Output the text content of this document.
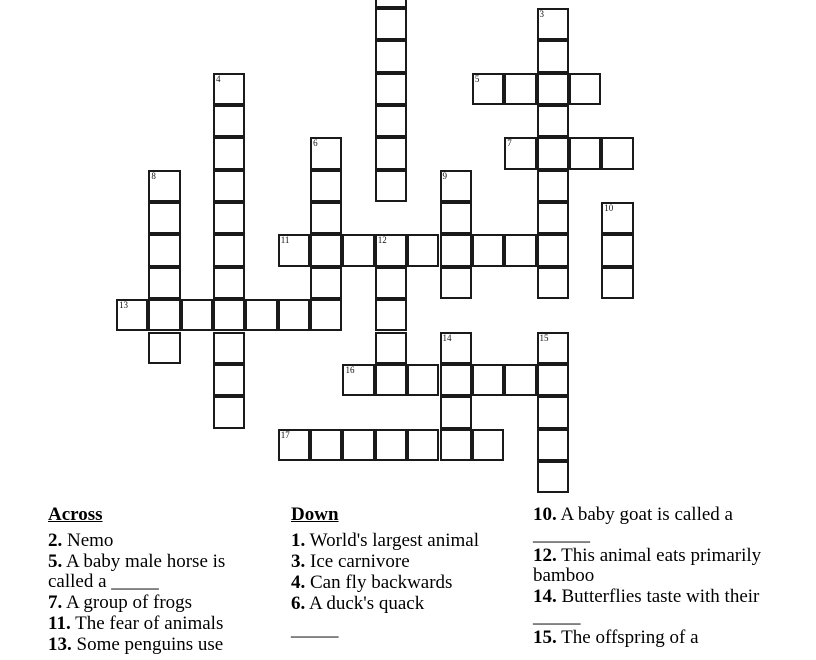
3
4	5
6	7
8	9
10
11	12
13
14	15
16
17
Across
2. Nemo
5. A baby male horse is called a _____
7. A group of frogs
11. The fear of animals
13. Some penguins use
Down
1. World's largest animal
3. Ice carnivore
4. Can fly backwards
6. A duck's quack
_____
10. A baby goat is called a ______
12. This animal eats primarily bamboo
14. Butterflies taste with their _____
15. The offspring of a
